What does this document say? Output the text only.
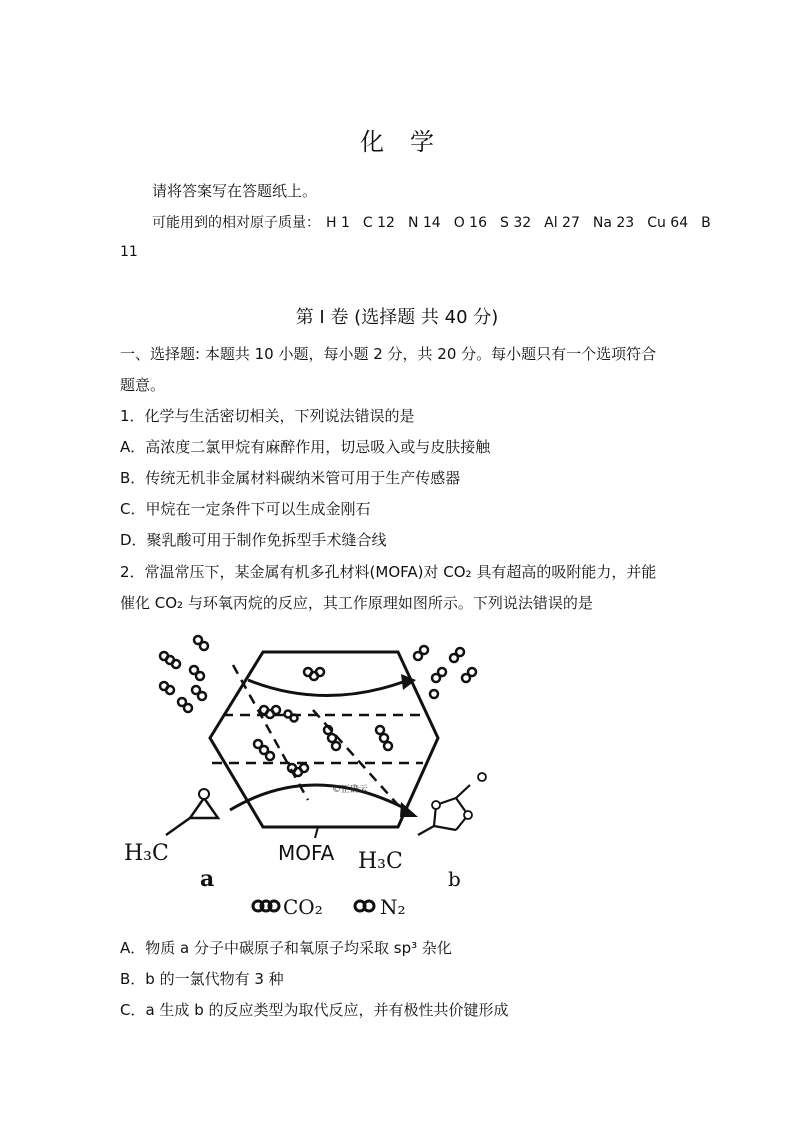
化学
请将答案写在答题纸上。
可能用到的相对原子质量： H 1 C 12 N 14 O 16 S 32 Al 27 Na 23 Cu 64 B
11
第 I 卷 (选择题 共 40 分)
一、选择题: 本题共 10 小题，每小题 2 分，共 20 分。每小题只有一个选项符合
题意。
1．化学与生活密切相关，下列说法错误的是
A．高浓度二氯甲烷有麻醉作用，切忌吸入或与皮肤接触
B．传统无机非金属材料碳纳米管可用于生产传感器
C．甲烷在一定条件下可以生成金刚石
D．聚乳酸可用于制作免拆型手术缝合线
2．常温常压下，某金属有机多孔材料(MOFA)对 CO₂ 具有超高的吸附能力，并能
催化 CO₂ 与环氧丙烷的反应，其工作原理如图所示。下列说法错误的是
H₃C
a
MOFA H₃C
b
©正确云
CO₂	N₂
A．物质 a 分子中碳原子和氧原子均采取 sp³ 杂化
B．b 的一氯代物有 3 种
C．a 生成 b 的反应类型为取代反应，并有极性共价键形成
